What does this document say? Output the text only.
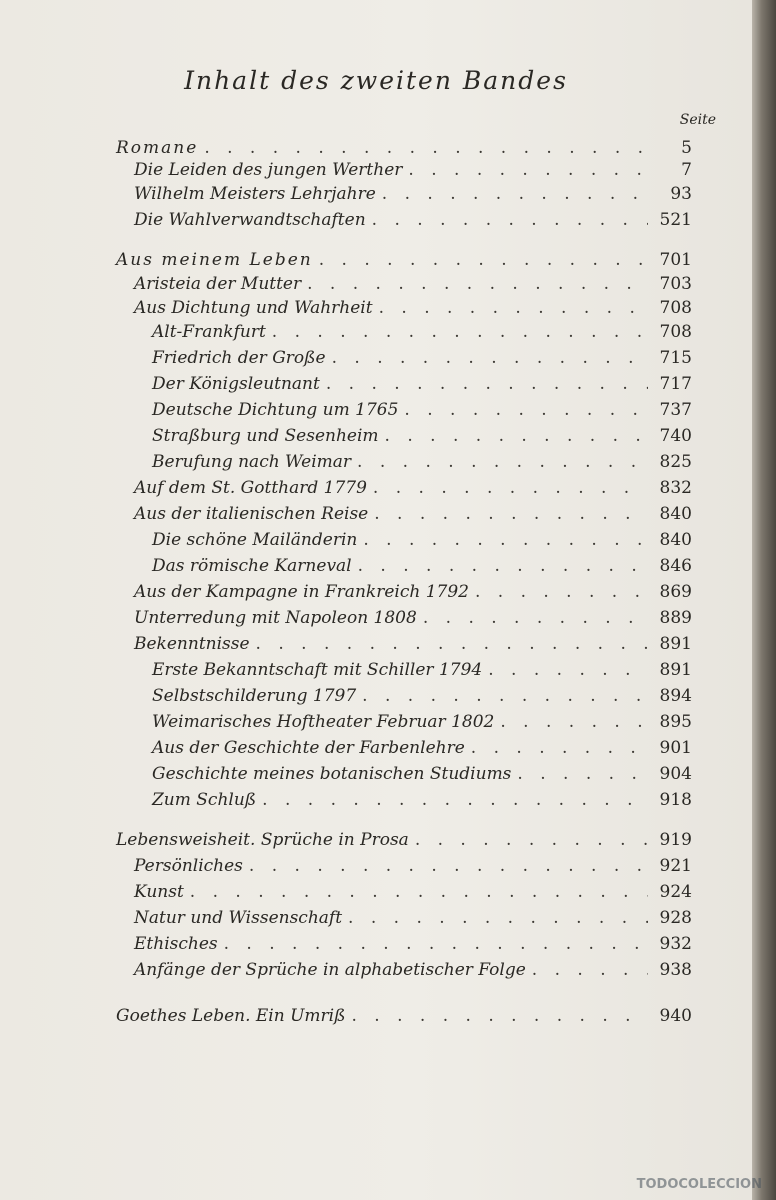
Inhalt des zweiten Bandes
Seite
Romane . . .	5
Die Leiden des jungen Werther . . .	7
Wilhelm Meisters Lehrjahre . . .	93
Die Wahlverwandtschaften . . .	521
Aus meinem Leben . . .	701
Aristeia der Mutter . . .	703
Aus Dichtung und Wahrheit . . .	708
Alt-Frankfurt . . .	708
Friedrich der Große . . .	715
Der Königsleutnant . . .	717
Deutsche Dichtung um 1765 . . .	737
Straßburg und Sesenheim . . .	740
Berufung nach Weimar . . .	825
Auf dem St. Gotthard 1779 . . .	832
Aus der italienischen Reise . . .	840
Die schöne Mailänderin . . .	840
Das römische Karneval . . .	846
Aus der Kampagne in Frankreich 1792 . . .	869
Unterredung mit Napoleon 1808 . . .	889
Bekenntnisse . . .	891
Erste Bekanntschaft mit Schiller 1794 . . .	891
Selbstschilderung 1797 . . .	894
Weimarisches Hoftheater Februar 1802 . . .	895
Aus der Geschichte der Farbenlehre . . .	901
Geschichte meines botanischen Studiums . . .	904
Zum Schluß . . .	918
Lebensweisheit. Sprüche in Prosa . . .	919
Persönliches . . .	921
Kunst . . .	924
Natur und Wissenschaft . . .	928
Ethisches . . .	932
Anfänge der Sprüche in alphabetischer Folge . . .	938
Goethes Leben. Ein Umriß . . .	940
TODOCOLECCION
